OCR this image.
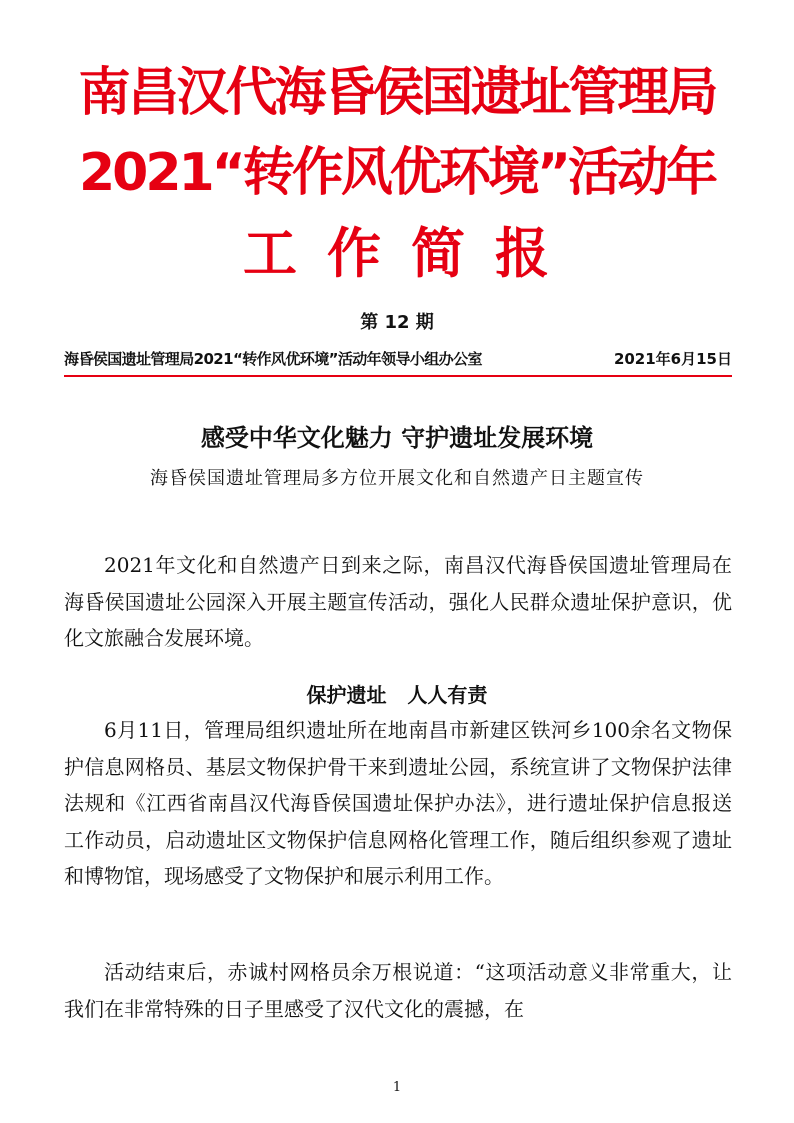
南昌汉代海昏侯国遗址管理局
2021“转作风优环境”活动年
工作简报
第 12 期
海昏侯国遗址管理局2021“转作风优环境”活动年领导小组办公室	2021年6月15日
感受中华文化魅力 守护遗址发展环境
海昏侯国遗址管理局多方位开展文化和自然遗产日主题宣传
2021年文化和自然遗产日到来之际，南昌汉代海昏侯国遗址管理局在海昏侯国遗址公园深入开展主题宣传活动，强化人民群众遗址保护意识，优化文旅融合发展环境。
保护遗址   人人有责
6月11日，管理局组织遗址所在地南昌市新建区铁河乡100余名文物保护信息网格员、基层文物保护骨干来到遗址公园，系统宣讲了文物保护法律法规和《江西省南昌汉代海昏侯国遗址保护办法》，进行遗址保护信息报送工作动员，启动遗址区文物保护信息网格化管理工作，随后组织参观了遗址和博物馆，现场感受了文物保护和展示利用工作。
活动结束后，赤诚村网格员余万根说道：“这项活动意义非常重大，让我们在非常特殊的日子里感受了汉代文化的震撼，在
1
